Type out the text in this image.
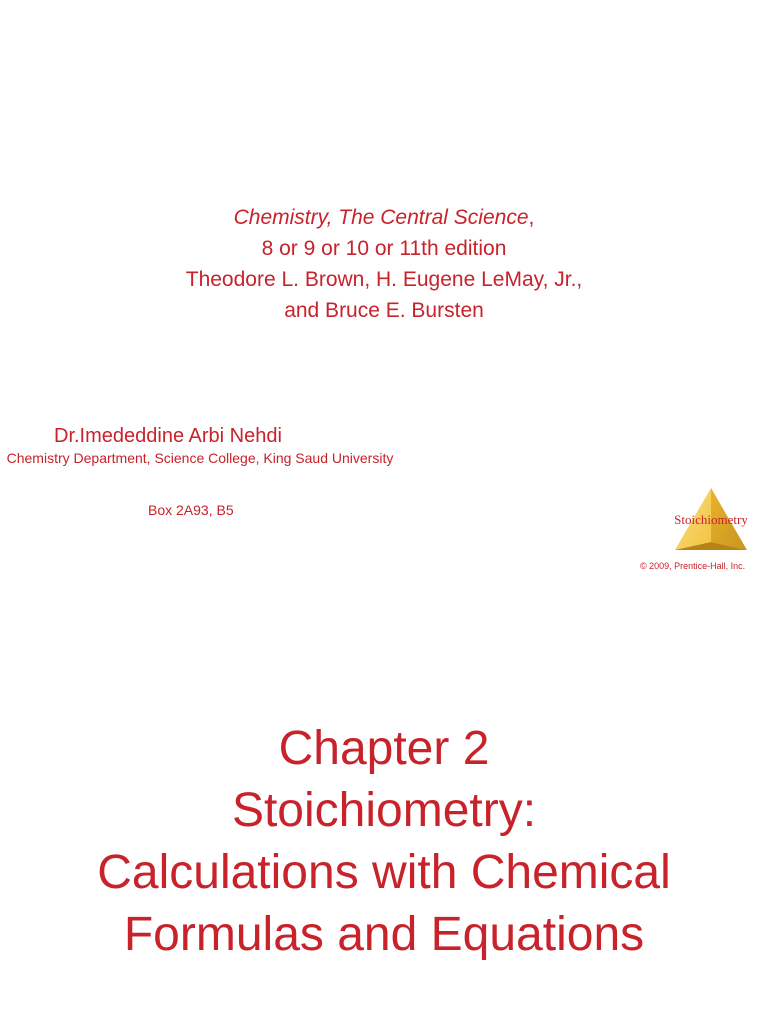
Chemistry, The Central Science,
8 or 9 or 10 or 11th edition
Theodore L. Brown, H. Eugene LeMay, Jr.,
and Bruce E. Bursten
Dr.Imededdine Arbi Nehdi
Chemistry Department, Science College, King Saud University
Box 2A93, B5
Stoichiometry
© 2009, Prentice-Hall, Inc.
Chapter 2
Stoichiometry:
Calculations with Chemical
Formulas and Equations
